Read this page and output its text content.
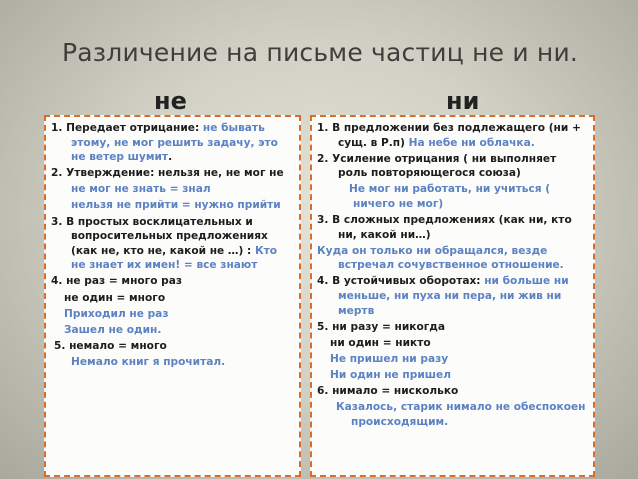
Различение на письме частиц не и ни.
не	ни
1. Передает отрицание: не бывать этому, не мог решить задачу, это не ветер шумит.
2. Утверждение: нельзя не, не мог не
не мог не знать = знал
нельзя не прийти = нужно прийти
3. В простых восклицательных и вопросительных предложениях (как не, кто не, какой не …) : Кто не знает их имен! = все знают
4. не раз = много раз
не один = много
Приходил не раз
Зашел не один.
5. немало = много
Немало книг я прочитал.
1. В предложении без подлежащего (ни + сущ. в Р.п) На небе ни облачка.
2. Усиление отрицания ( ни выполняет роль повторяющегося союза)
Не мог ни работать, ни учиться ( ничего не мог)
3. В сложных предложениях (как ни, кто ни, какой ни…)
Куда он только ни обращался, везде встречал сочувственное отношение.
4. В устойчивых оборотах: ни больше ни меньше, ни пуха ни пера, ни жив ни мертв
5. ни разу = никогда
ни один = никто
Не пришел ни разу
Ни один не пришел
6. нимало = нисколько
Казалось, старик нимало не обеспокоен происходящим.
